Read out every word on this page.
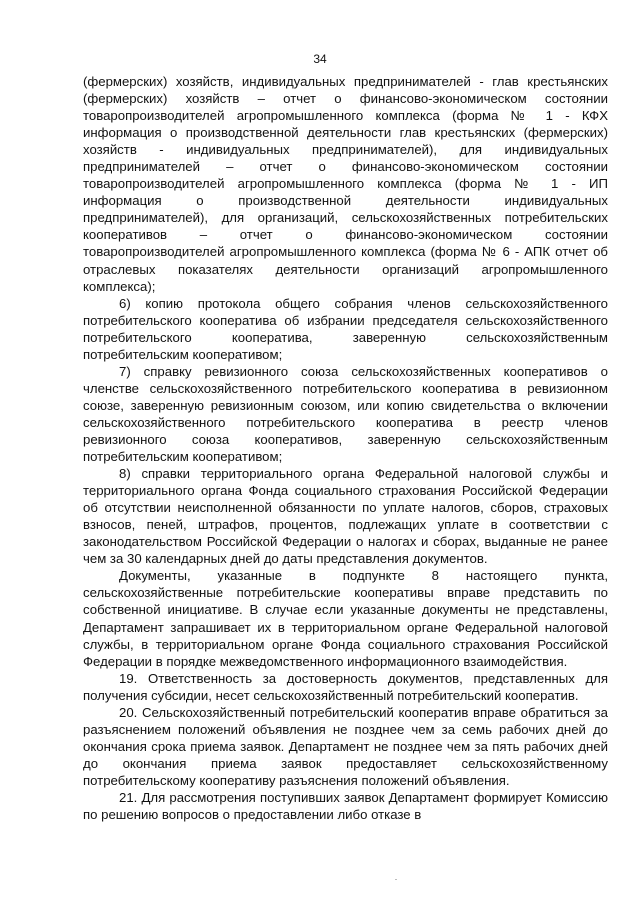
34

(фермерских) хозяйств, индивидуальных предпринимателей - глав крестьянских (фермерских) хозяйств – отчет о финансово-экономическом состоянии товаропроизводителей агропромышленного комплекса (форма № 1 - КФХ информация о производственной деятельности глав крестьянских (фермерских) хозяйств - индивидуальных предпринимателей), для индивидуальных предпринимателей – отчет о финансово-экономическом состоянии товаропроизводителей агропромышленного комплекса (форма № 1 - ИП информация о производственной деятельности индивидуальных предпринимателей), для организаций, сельскохозяйственных потребительских кооперативов – отчет о финансово-экономическом состоянии товаропроизводителей агропромышленного комплекса (форма № 6 - АПК отчет об отраслевых показателях деятельности организаций агропромышленного комплекса);

6) копию протокола общего собрания членов сельскохозяйственного потребительского кооператива об избрании председателя сельскохозяйственного потребительского кооператива, заверенную сельскохозяйственным потребительским кооперативом;

7) справку ревизионного союза сельскохозяйственных кооперативов о членстве сельскохозяйственного потребительского кооператива в ревизионном союзе, заверенную ревизионным союзом, или копию свидетельства о включении сельскохозяйственного потребительского кооператива в реестр членов ревизионного союза кооперативов, заверенную сельскохозяйственным потребительским кооперативом;

8) справки территориального органа Федеральной налоговой службы и территориального органа Фонда социального страхования Российской Федерации об отсутствии неисполненной обязанности по уплате налогов, сборов, страховых взносов, пеней, штрафов, процентов, подлежащих уплате в соответствии с законодательством Российской Федерации о налогах и сборах, выданные не ранее чем за 30 календарных дней до даты представления документов.

Документы, указанные в подпункте 8 настоящего пункта, сельскохозяйственные потребительские кооперативы вправе представить по собственной инициативе. В случае если указанные документы не представлены, Департамент запрашивает их в территориальном органе Федеральной налоговой службы, в территориальном органе Фонда социального страхования Российской Федерации в порядке межведомственного информационного взаимодействия.

19. Ответственность за достоверность документов, представленных для получения субсидии, несет сельскохозяйственный потребительский кооператив.

20. Сельскохозяйственный потребительский кооператив вправе обратиться за разъяснением положений объявления не позднее чем за семь рабочих дней до окончания срока приема заявок. Департамент не позднее чем за пять рабочих дней до окончания приема заявок предоставляет сельскохозяйственному потребительскому кооперативу разъяснения положений объявления.

21. Для рассмотрения поступивших заявок Департамент формирует Комиссию по решению вопросов о предоставлении либо отказе в
